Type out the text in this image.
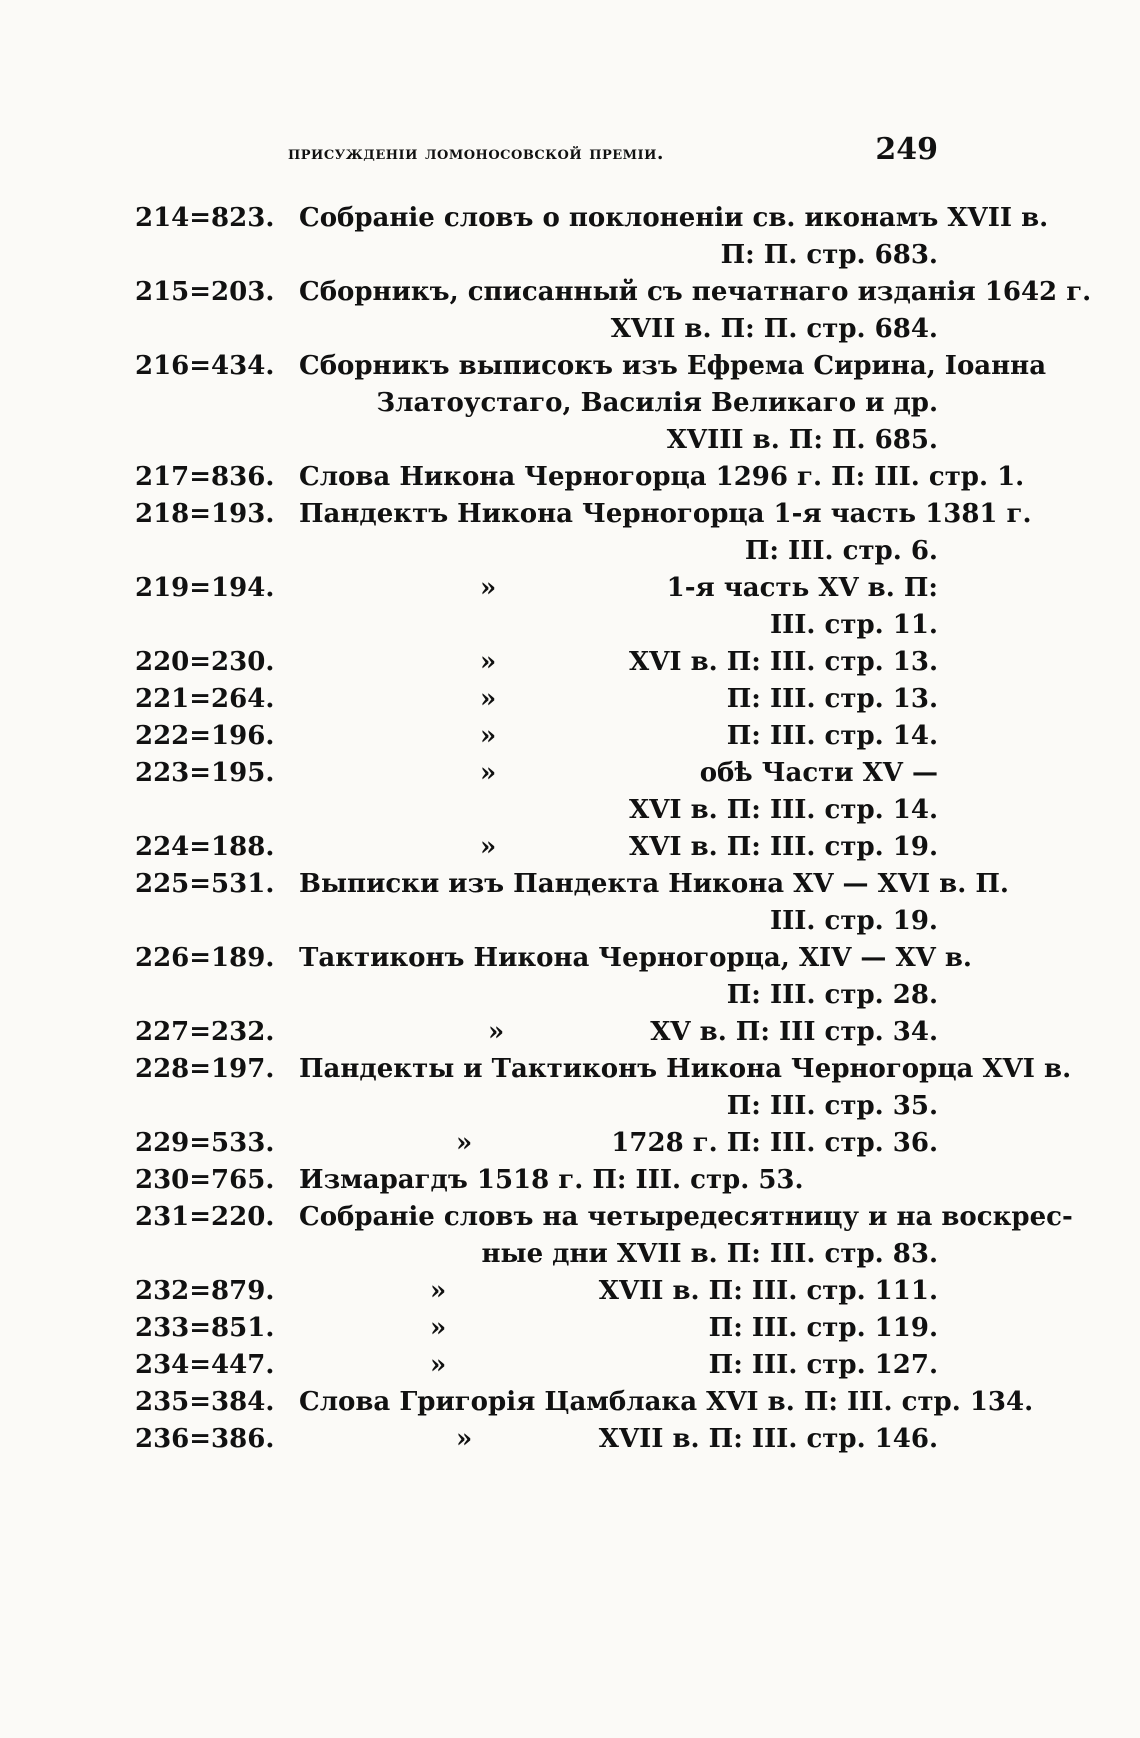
присужденіи ломоносовской преміи.	249
214=823. Собраніе словъ о поклоненіи св. иконамъ XVII в.
П: П. стр. 683.
215=203. Сборникъ, списанный съ печатнаго изданія 1642 г.
XVII в. П: П. стр. 684.
216=434. Сборникъ выписокъ изъ Ефрема Сирина, Іоанна
Златоустаго, Василія Великаго и др.
XVIII в. П: П. 685.
217=836. Слова Никона Черногорца 1296 г. П: III. стр. 1.
218=193. Пандектъ Никона Черногорца 1-я часть 1381 г.
П: III. стр. 6.
219=194.	»	1-я часть XV в. П:
III. стр. 11.
220=230.	»	XVI в. П: III. стр. 13.
221=264.	»	П: III. стр. 13.
222=196.	»	П: III. стр. 14.
223=195.	»	обѣ Части XV —
XVI в. П: III. стр. 14.
224=188.	»	XVI в. П: III. стр. 19.
225=531. Выписки изъ Пандекта Никона XV — XVI в. П.
III. стр. 19.
226=189. Тактиконъ Никона Черногорца, XIV — XV в.
П: III. стр. 28.
227=232.	»	XV в. П: III стр. 34.
228=197. Пандекты и Тактиконъ Никона Черногорца XVI в.
П: III. стр. 35.
229=533.	»	1728 г. П: III. стр. 36.
230=765. Измарагдъ 1518 г. П: III. стр. 53.
231=220. Собраніе словъ на четыредесятницу и на воскрес-
ные дни XVII в. П: III. стр. 83.
232=879.	»	XVII в. П: III. стр. 111.
233=851.	»	П: III. стр. 119.
234=447.	»	П: III. стр. 127.
235=384. Слова Григорія Цамблака XVI в. П: III. стр. 134.
236=386.	»	XVII в. П: III. стр. 146.
